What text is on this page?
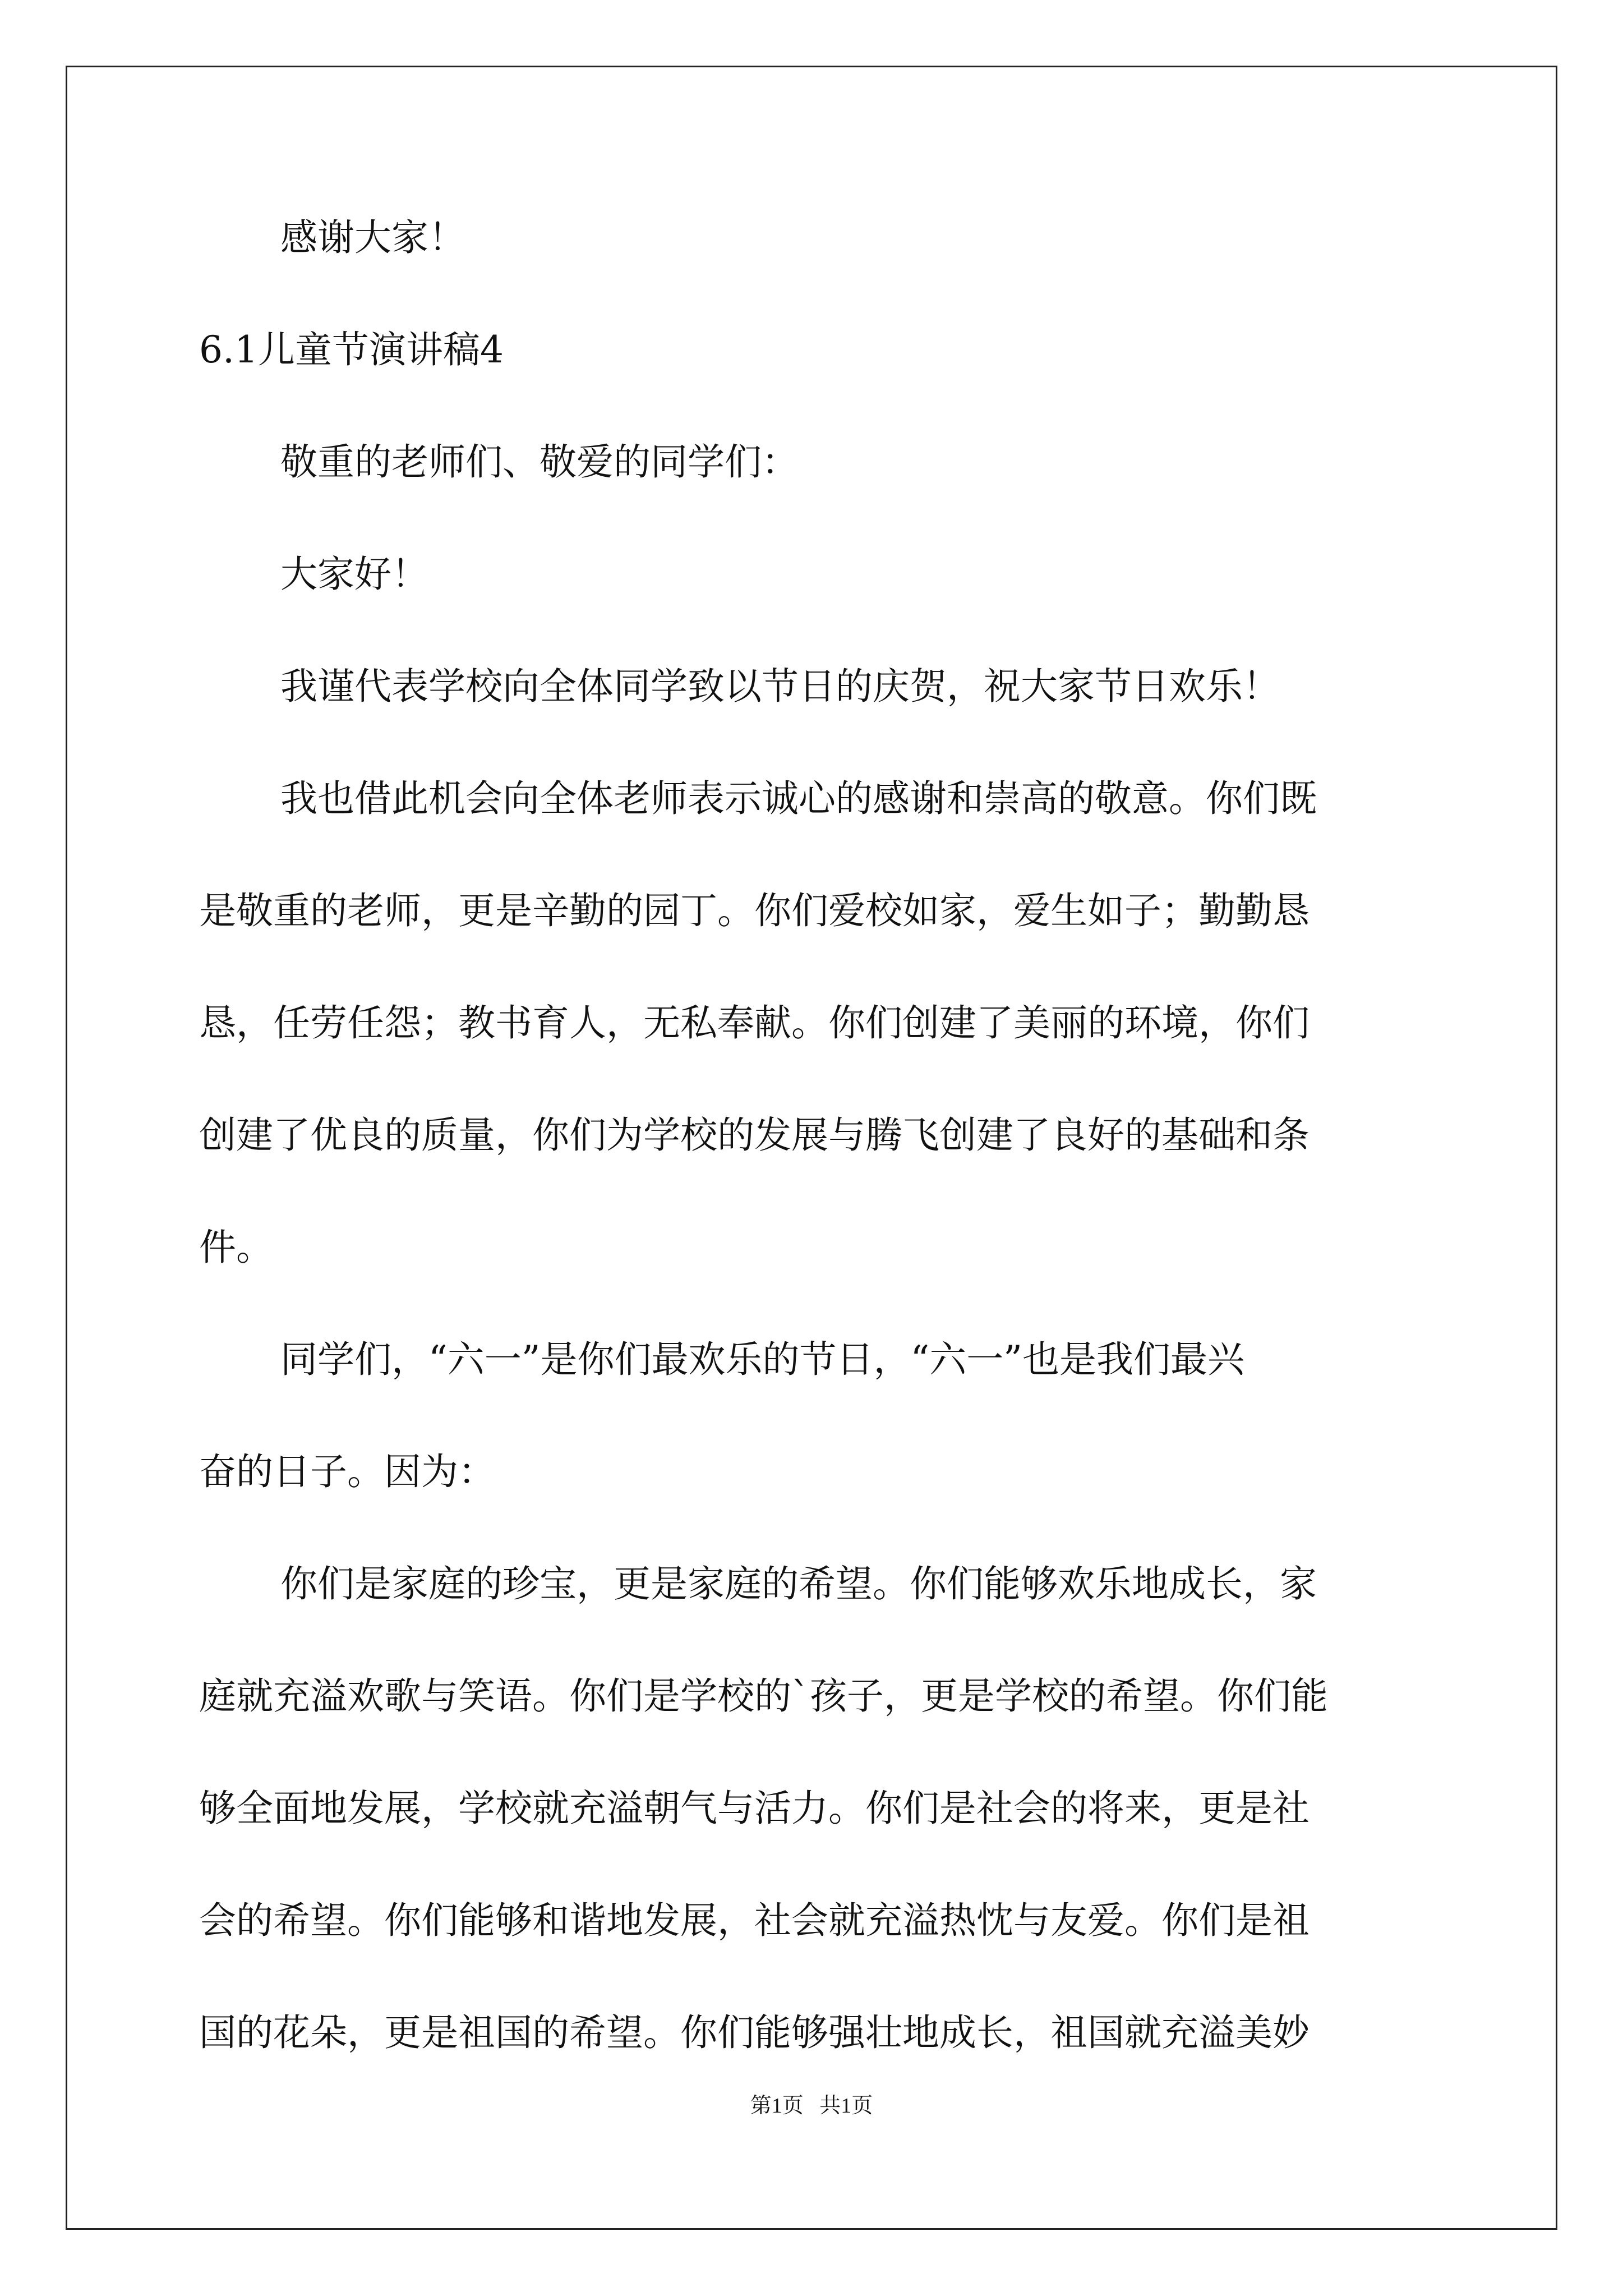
感谢大家！
6.1儿童节演讲稿4
敬重的老师们、敬爱的同学们：
大家好！
我谨代表学校向全体同学致以节日的庆贺，祝大家节日欢乐！
我也借此机会向全体老师表示诚心的感谢和崇高的敬意。你们既
是敬重的老师，更是辛勤的园丁。你们爱校如家，爱生如子；勤勤恳
恳，任劳任怨；教书育人，无私奉献。你们创建了美丽的环境，你们
创建了优良的质量，你们为学校的发展与腾飞创建了良好的基础和条
件。
同学们，“六一”是你们最欢乐的节日，“六一”也是我们最兴
奋的日子。因为：
你们是家庭的珍宝，更是家庭的希望。你们能够欢乐地成长，家
庭就充溢欢歌与笑语。你们是学校的`孩子，更是学校的希望。你们能
够全面地发展，学校就充溢朝气与活力。你们是社会的将来，更是社
会的希望。你们能够和谐地发展，社会就充溢热忱与友爱。你们是祖
国的花朵，更是祖国的希望。你们能够强壮地成长，祖国就充溢美妙
第1页   共1页
